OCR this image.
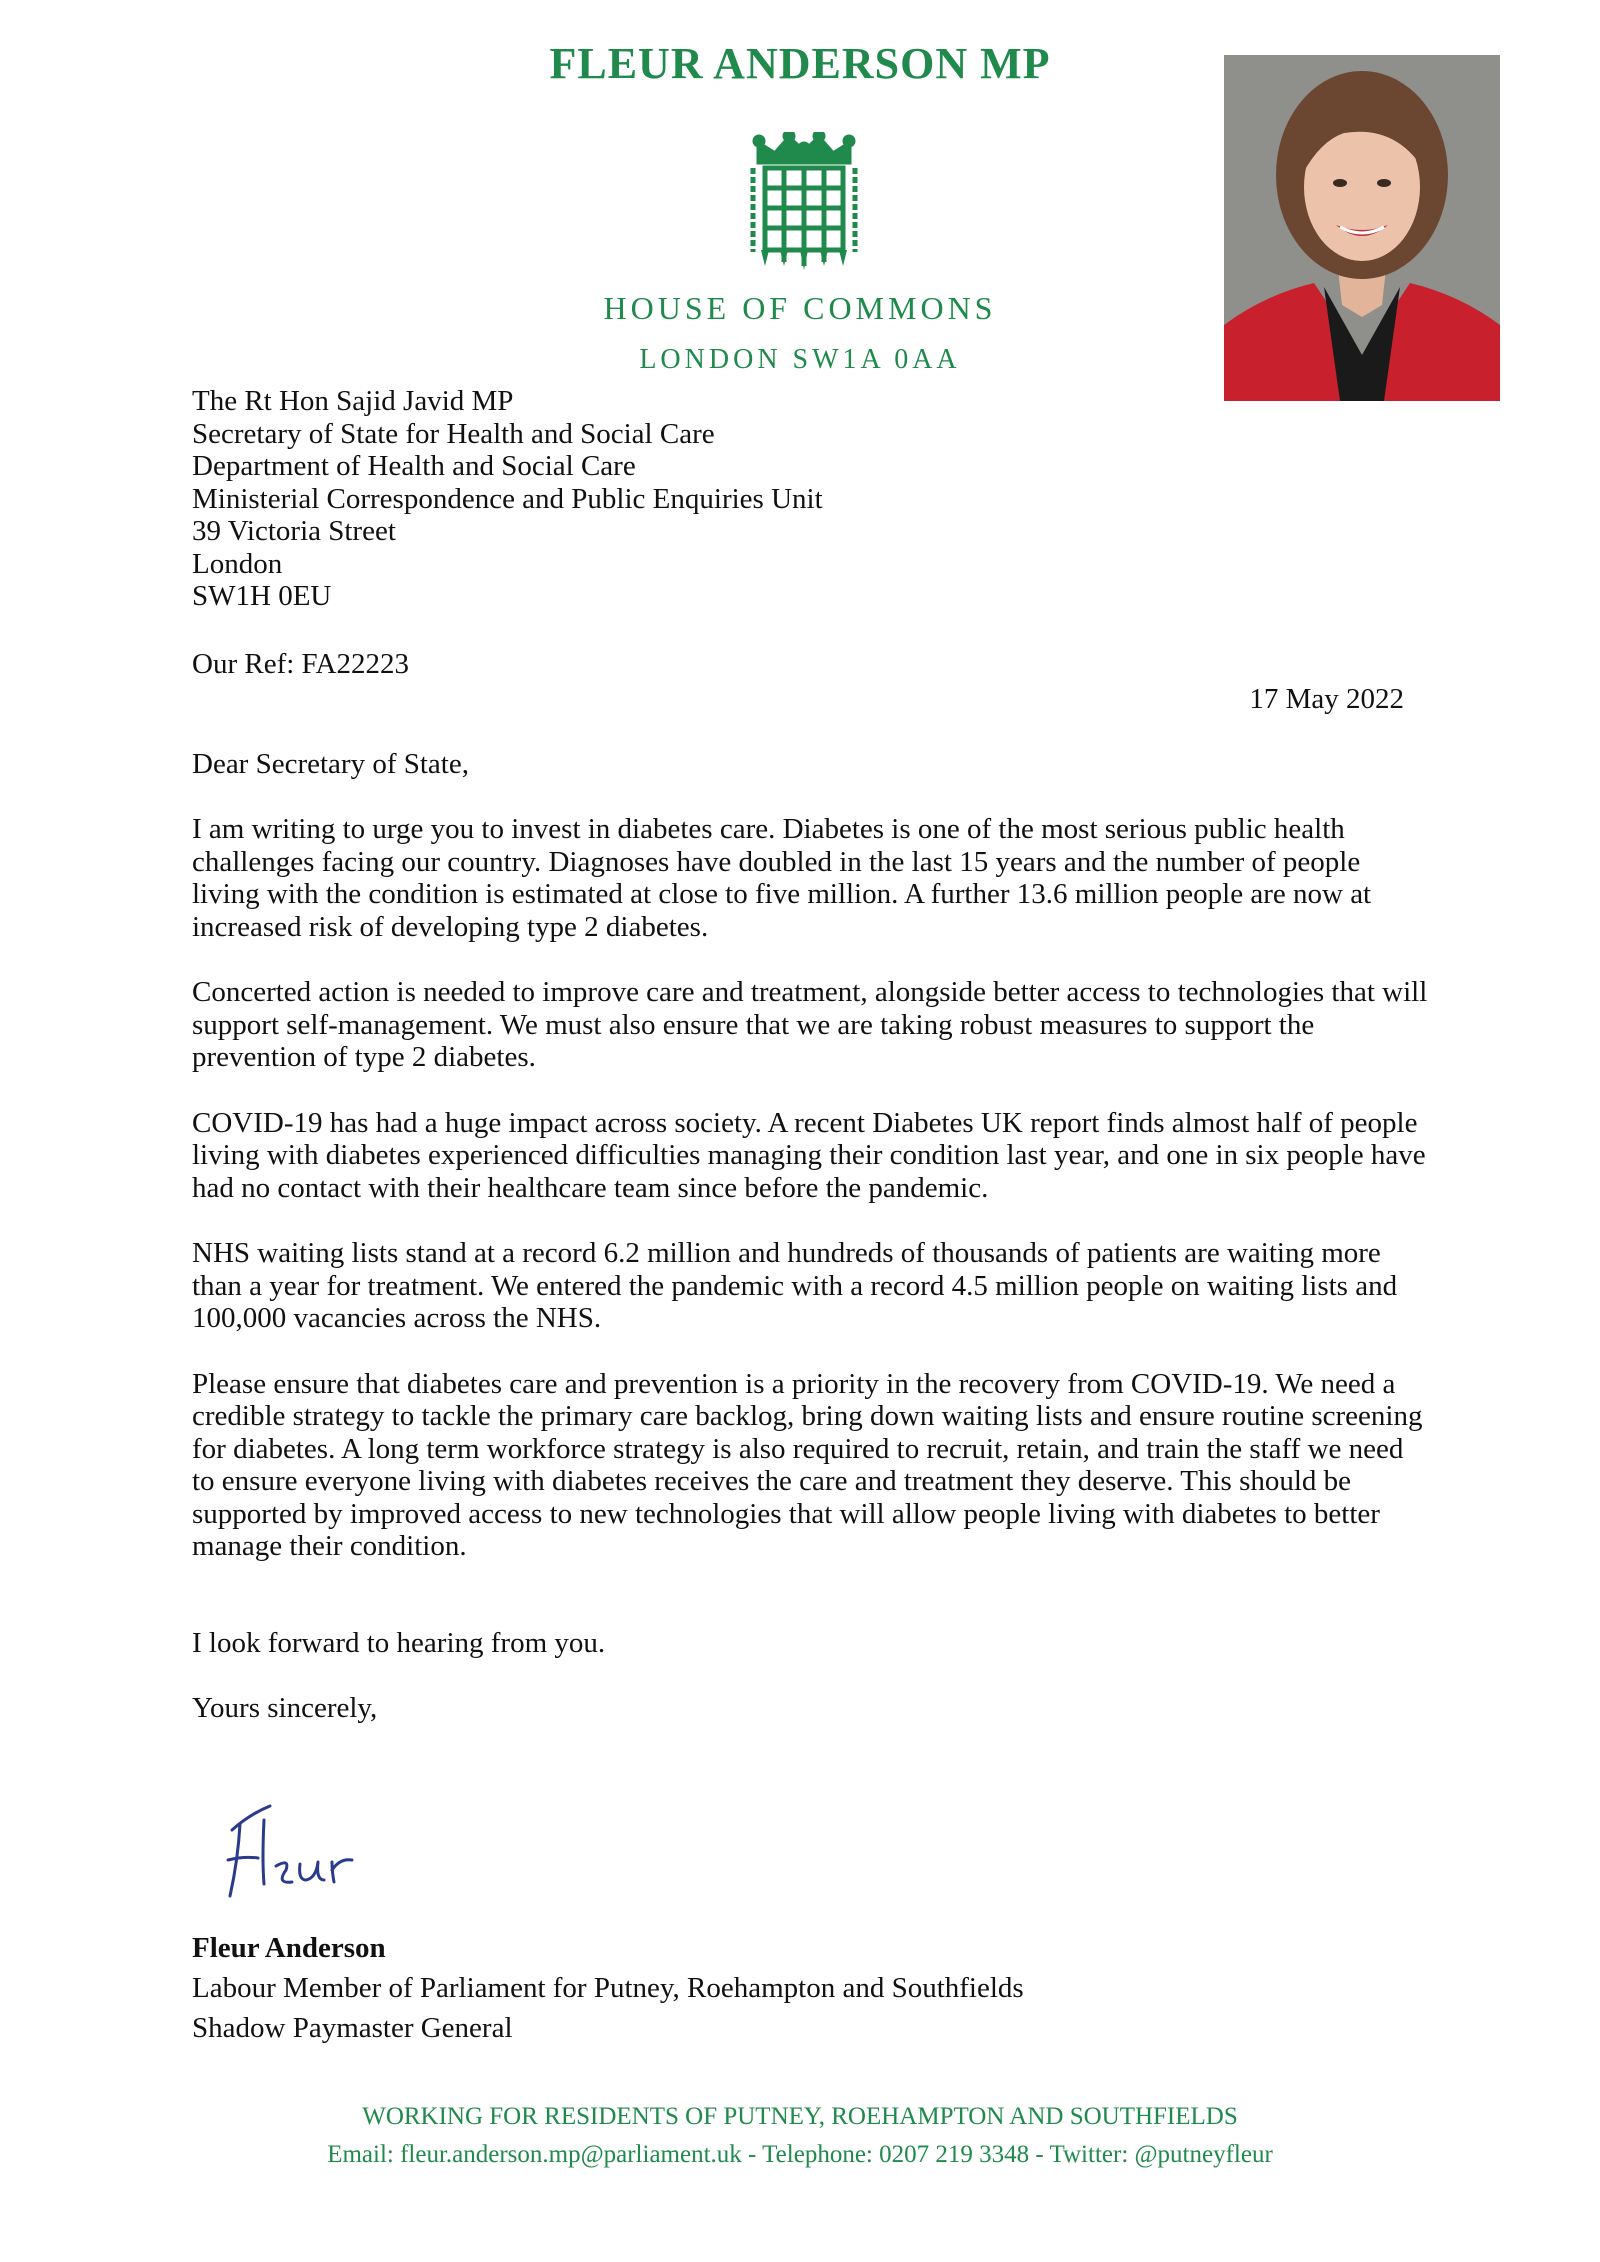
FLEUR ANDERSON MP
HOUSE OF COMMONS
LONDON SW1A 0AA
The Rt Hon Sajid Javid MP
Secretary of State for Health and Social Care
Department of Health and Social Care
Ministerial Correspondence and Public Enquiries Unit
39 Victoria Street
London
SW1H 0EU
Our Ref: FA22223
17 May 2022
Dear Secretary of State,

I am writing to urge you to invest in diabetes care. Diabetes is one of the most serious public health challenges facing our country. Diagnoses have doubled in the last 15 years and the number of people living with the condition is estimated at close to five million. A further 13.6 million people are now at increased risk of developing type 2 diabetes.

Concerted action is needed to improve care and treatment, alongside better access to technologies that will support self-management. We must also ensure that we are taking robust measures to support the prevention of type 2 diabetes.

COVID-19 has had a huge impact across society. A recent Diabetes UK report finds almost half of people living with diabetes experienced difficulties managing their condition last year, and one in six people have had no contact with their healthcare team since before the pandemic.

NHS waiting lists stand at a record 6.2 million and hundreds of thousands of patients are waiting more than a year for treatment. We entered the pandemic with a record 4.5 million people on waiting lists and 100,000 vacancies across the NHS.

Please ensure that diabetes care and prevention is a priority in the recovery from COVID-19. We need a credible strategy to tackle the primary care backlog, bring down waiting lists and ensure routine screening for diabetes. A long term workforce strategy is also required to recruit, retain, and train the staff we need to ensure everyone living with diabetes receives the care and treatment they deserve. This should be supported by improved access to new technologies that will allow people living with diabetes to better manage their condition.

I look forward to hearing from you.

Yours sincerely,

Fleur Anderson
Labour Member of Parliament for Putney, Roehampton and Southfields
Shadow Paymaster General
WORKING FOR RESIDENTS OF PUTNEY, ROEHAMPTON AND SOUTHFIELDS
Email: fleur.anderson.mp@parliament.uk - Telephone: 0207 219 3348 - Twitter: @putneyfleur
